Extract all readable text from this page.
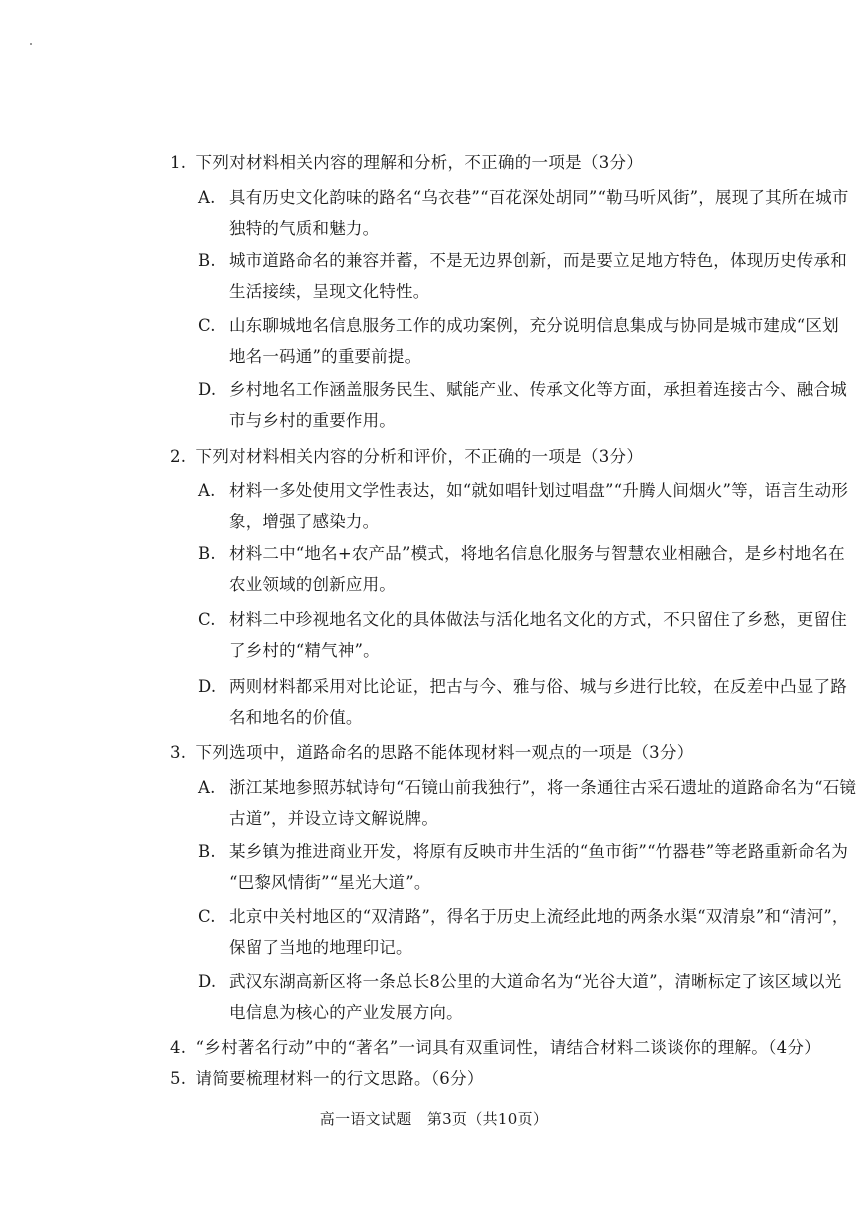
1. 下列对材料相关内容的理解和分析，不正确的一项是（3分）
A. 具有历史文化韵味的路名“乌衣巷”“百花深处胡同”“勒马听风街”，展现了其所在城市
独特的气质和魅力。
B. 城市道路命名的兼容并蓄，不是无边界创新，而是要立足地方特色，体现历史传承和
生活接续，呈现文化特性。
C. 山东聊城地名信息服务工作的成功案例，充分说明信息集成与协同是城市建成“区划
地名一码通”的重要前提。
D. 乡村地名工作涵盖服务民生、赋能产业、传承文化等方面，承担着连接古今、融合城
市与乡村的重要作用。
2. 下列对材料相关内容的分析和评价，不正确的一项是（3分）
A. 材料一多处使用文学性表达，如“就如唱针划过唱盘”“升腾人间烟火”等，语言生动形
象，增强了感染力。
B. 材料二中“地名+农产品”模式，将地名信息化服务与智慧农业相融合，是乡村地名在
农业领域的创新应用。
C. 材料二中珍视地名文化的具体做法与活化地名文化的方式，不只留住了乡愁，更留住
了乡村的“精气神”。
D. 两则材料都采用对比论证，把古与今、雅与俗、城与乡进行比较，在反差中凸显了路
名和地名的价值。
3. 下列选项中，道路命名的思路不能体现材料一观点的一项是（3分）
A. 浙江某地参照苏轼诗句“石镜山前我独行”，将一条通往古采石遗址的道路命名为“石镜
古道”，并设立诗文解说牌。
B. 某乡镇为推进商业开发，将原有反映市井生活的“鱼市街”“竹器巷”等老路重新命名为
“巴黎风情街”“星光大道”。
C. 北京中关村地区的“双清路”，得名于历史上流经此地的两条水渠“双清泉”和“清河”，
保留了当地的地理印记。
D. 武汉东湖高新区将一条总长8公里的大道命名为“光谷大道”，清晰标定了该区域以光
电信息为核心的产业发展方向。
4. “乡村著名行动”中的“著名”一词具有双重词性，请结合材料二谈谈你的理解。（4分）
5. 请简要梳理材料一的行文思路。（6分）
高一语文试题　第3页（共10页）
